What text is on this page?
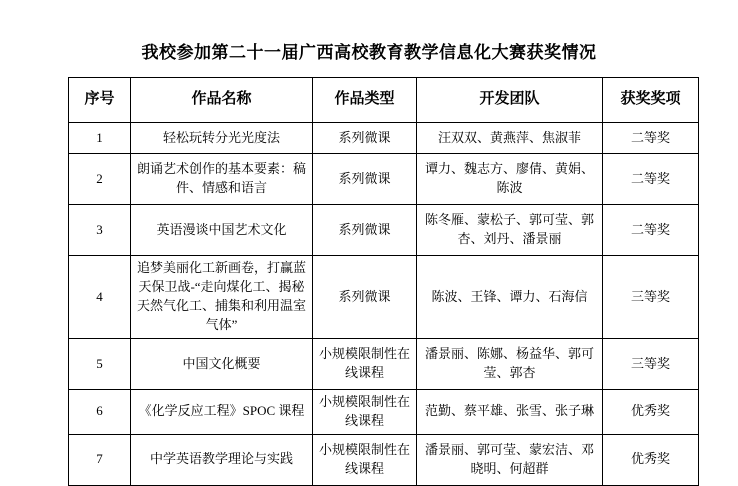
我校参加第二十一届广西高校教育教学信息化大赛获奖情况
序号	作品名称	作品类型	开发团队	获奖奖项
1	轻松玩转分光光度法	系列微课	汪双双、黄燕萍、焦淑菲	二等奖
2	朗诵艺术创作的基本要素：稿件、情感和语言	系列微课	谭力、魏志方、廖倩、黄娟、陈波	二等奖
3	英语漫谈中国艺术文化	系列微课	陈冬雁、蒙松子、郭可莹、郭杏、刘丹、潘景丽	二等奖
4	追梦美丽化工新画卷，打赢蓝天保卫战-“走向煤化工、揭秘天然气化工、捕集和利用温室气体”	系列微课	陈波、王锋、谭力、石海信	三等奖
5	中国文化概要	小规模限制性在线课程	潘景丽、陈娜、杨益华、郭可莹、郭杏	三等奖
6	《化学反应工程》SPOC 课程	小规模限制性在线课程	范勤、蔡平雄、张雪、张子琳	优秀奖
7	中学英语教学理论与实践	小规模限制性在线课程	潘景丽、郭可莹、蒙宏洁、邓晓明、何超群	优秀奖
